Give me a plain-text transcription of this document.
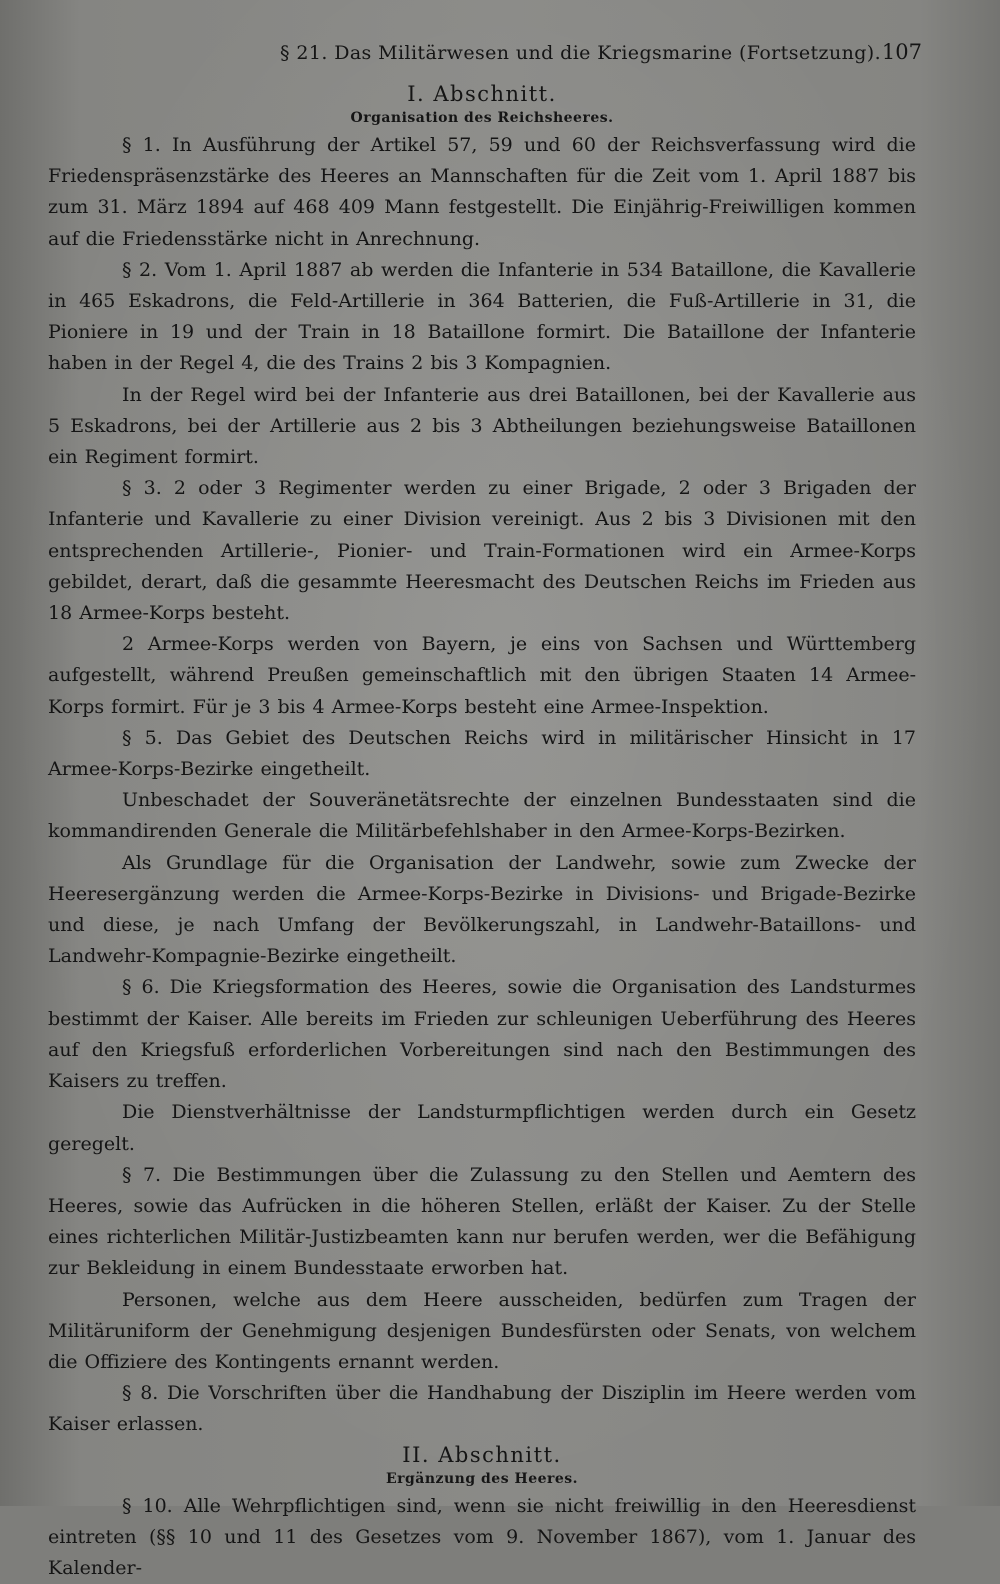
§ 21. Das Militärwesen und die Kriegsmarine (Fortsetzung). 107
I. Abschnitt.
Organisation des Reichsheeres.

§ 1. In Ausführung der Artikel 57, 59 und 60 der Reichsverfassung wird die Friedenspräsenzstärke des Heeres an Mannschaften für die Zeit vom 1. April 1887 bis zum 31. März 1894 auf 468 409 Mann festgestellt. Die Einjährig-Freiwilligen kommen auf die Friedensstärke nicht in Anrechnung.

§ 2. Vom 1. April 1887 ab werden die Infanterie in 534 Bataillone, die Kavallerie in 465 Eskadrons, die Feld-Artillerie in 364 Batterien, die Fuß-Artillerie in 31, die Pioniere in 19 und der Train in 18 Bataillone formirt. Die Bataillone der Infanterie haben in der Regel 4, die des Trains 2 bis 3 Kompagnien.

In der Regel wird bei der Infanterie aus drei Bataillonen, bei der Kavallerie aus 5 Eskadrons, bei der Artillerie aus 2 bis 3 Abtheilungen beziehungsweise Bataillonen ein Regiment formirt.

§ 3. 2 oder 3 Regimenter werden zu einer Brigade, 2 oder 3 Brigaden der Infanterie und Kavallerie zu einer Division vereinigt. Aus 2 bis 3 Divisionen mit den entsprechenden Artillerie-, Pionier- und Train-Formationen wird ein Armee-Korps gebildet, derart, daß die gesammte Heeresmacht des Deutschen Reichs im Frieden aus 18 Armee-Korps besteht.

2 Armee-Korps werden von Bayern, je eins von Sachsen und Württemberg aufgestellt, während Preußen gemeinschaftlich mit den übrigen Staaten 14 Armee-Korps formirt. Für je 3 bis 4 Armee-Korps besteht eine Armee-Inspektion.

§ 5. Das Gebiet des Deutschen Reichs wird in militärischer Hinsicht in 17 Armee-Korps-Bezirke eingetheilt.

Unbeschadet der Souveränetätsrechte der einzelnen Bundesstaaten sind die kommandirenden Generale die Militärbefehlshaber in den Armee-Korps-Bezirken.

Als Grundlage für die Organisation der Landwehr, sowie zum Zwecke der Heeresergänzung werden die Armee-Korps-Bezirke in Divisions- und Brigade-Bezirke und diese, je nach Umfang der Bevölkerungszahl, in Landwehr-Bataillons- und Landwehr-Kompagnie-Bezirke eingetheilt.

§ 6. Die Kriegsformation des Heeres, sowie die Organisation des Landsturmes bestimmt der Kaiser. Alle bereits im Frieden zur schleunigen Ueberführung des Heeres auf den Kriegsfuß erforderlichen Vorbereitungen sind nach den Bestimmungen des Kaisers zu treffen.

Die Dienstverhältnisse der Landsturmpflichtigen werden durch ein Gesetz geregelt.

§ 7. Die Bestimmungen über die Zulassung zu den Stellen und Aemtern des Heeres, sowie das Aufrücken in die höheren Stellen, erläßt der Kaiser. Zu der Stelle eines richterlichen Militär-Justizbeamten kann nur berufen werden, wer die Befähigung zur Bekleidung in einem Bundesstaate erworben hat.

Personen, welche aus dem Heere ausscheiden, bedürfen zum Tragen der Militäruniform der Genehmigung desjenigen Bundesfürsten oder Senats, von welchem die Offiziere des Kontingents ernannt werden.

§ 8. Die Vorschriften über die Handhabung der Disziplin im Heere werden vom Kaiser erlassen.

II. Abschnitt.
Ergänzung des Heeres.

§ 10. Alle Wehrpflichtigen sind, wenn sie nicht freiwillig in den Heeresdienst eintreten (§§ 10 und 11 des Gesetzes vom 9. November 1867), vom 1. Januar des Kalender-
